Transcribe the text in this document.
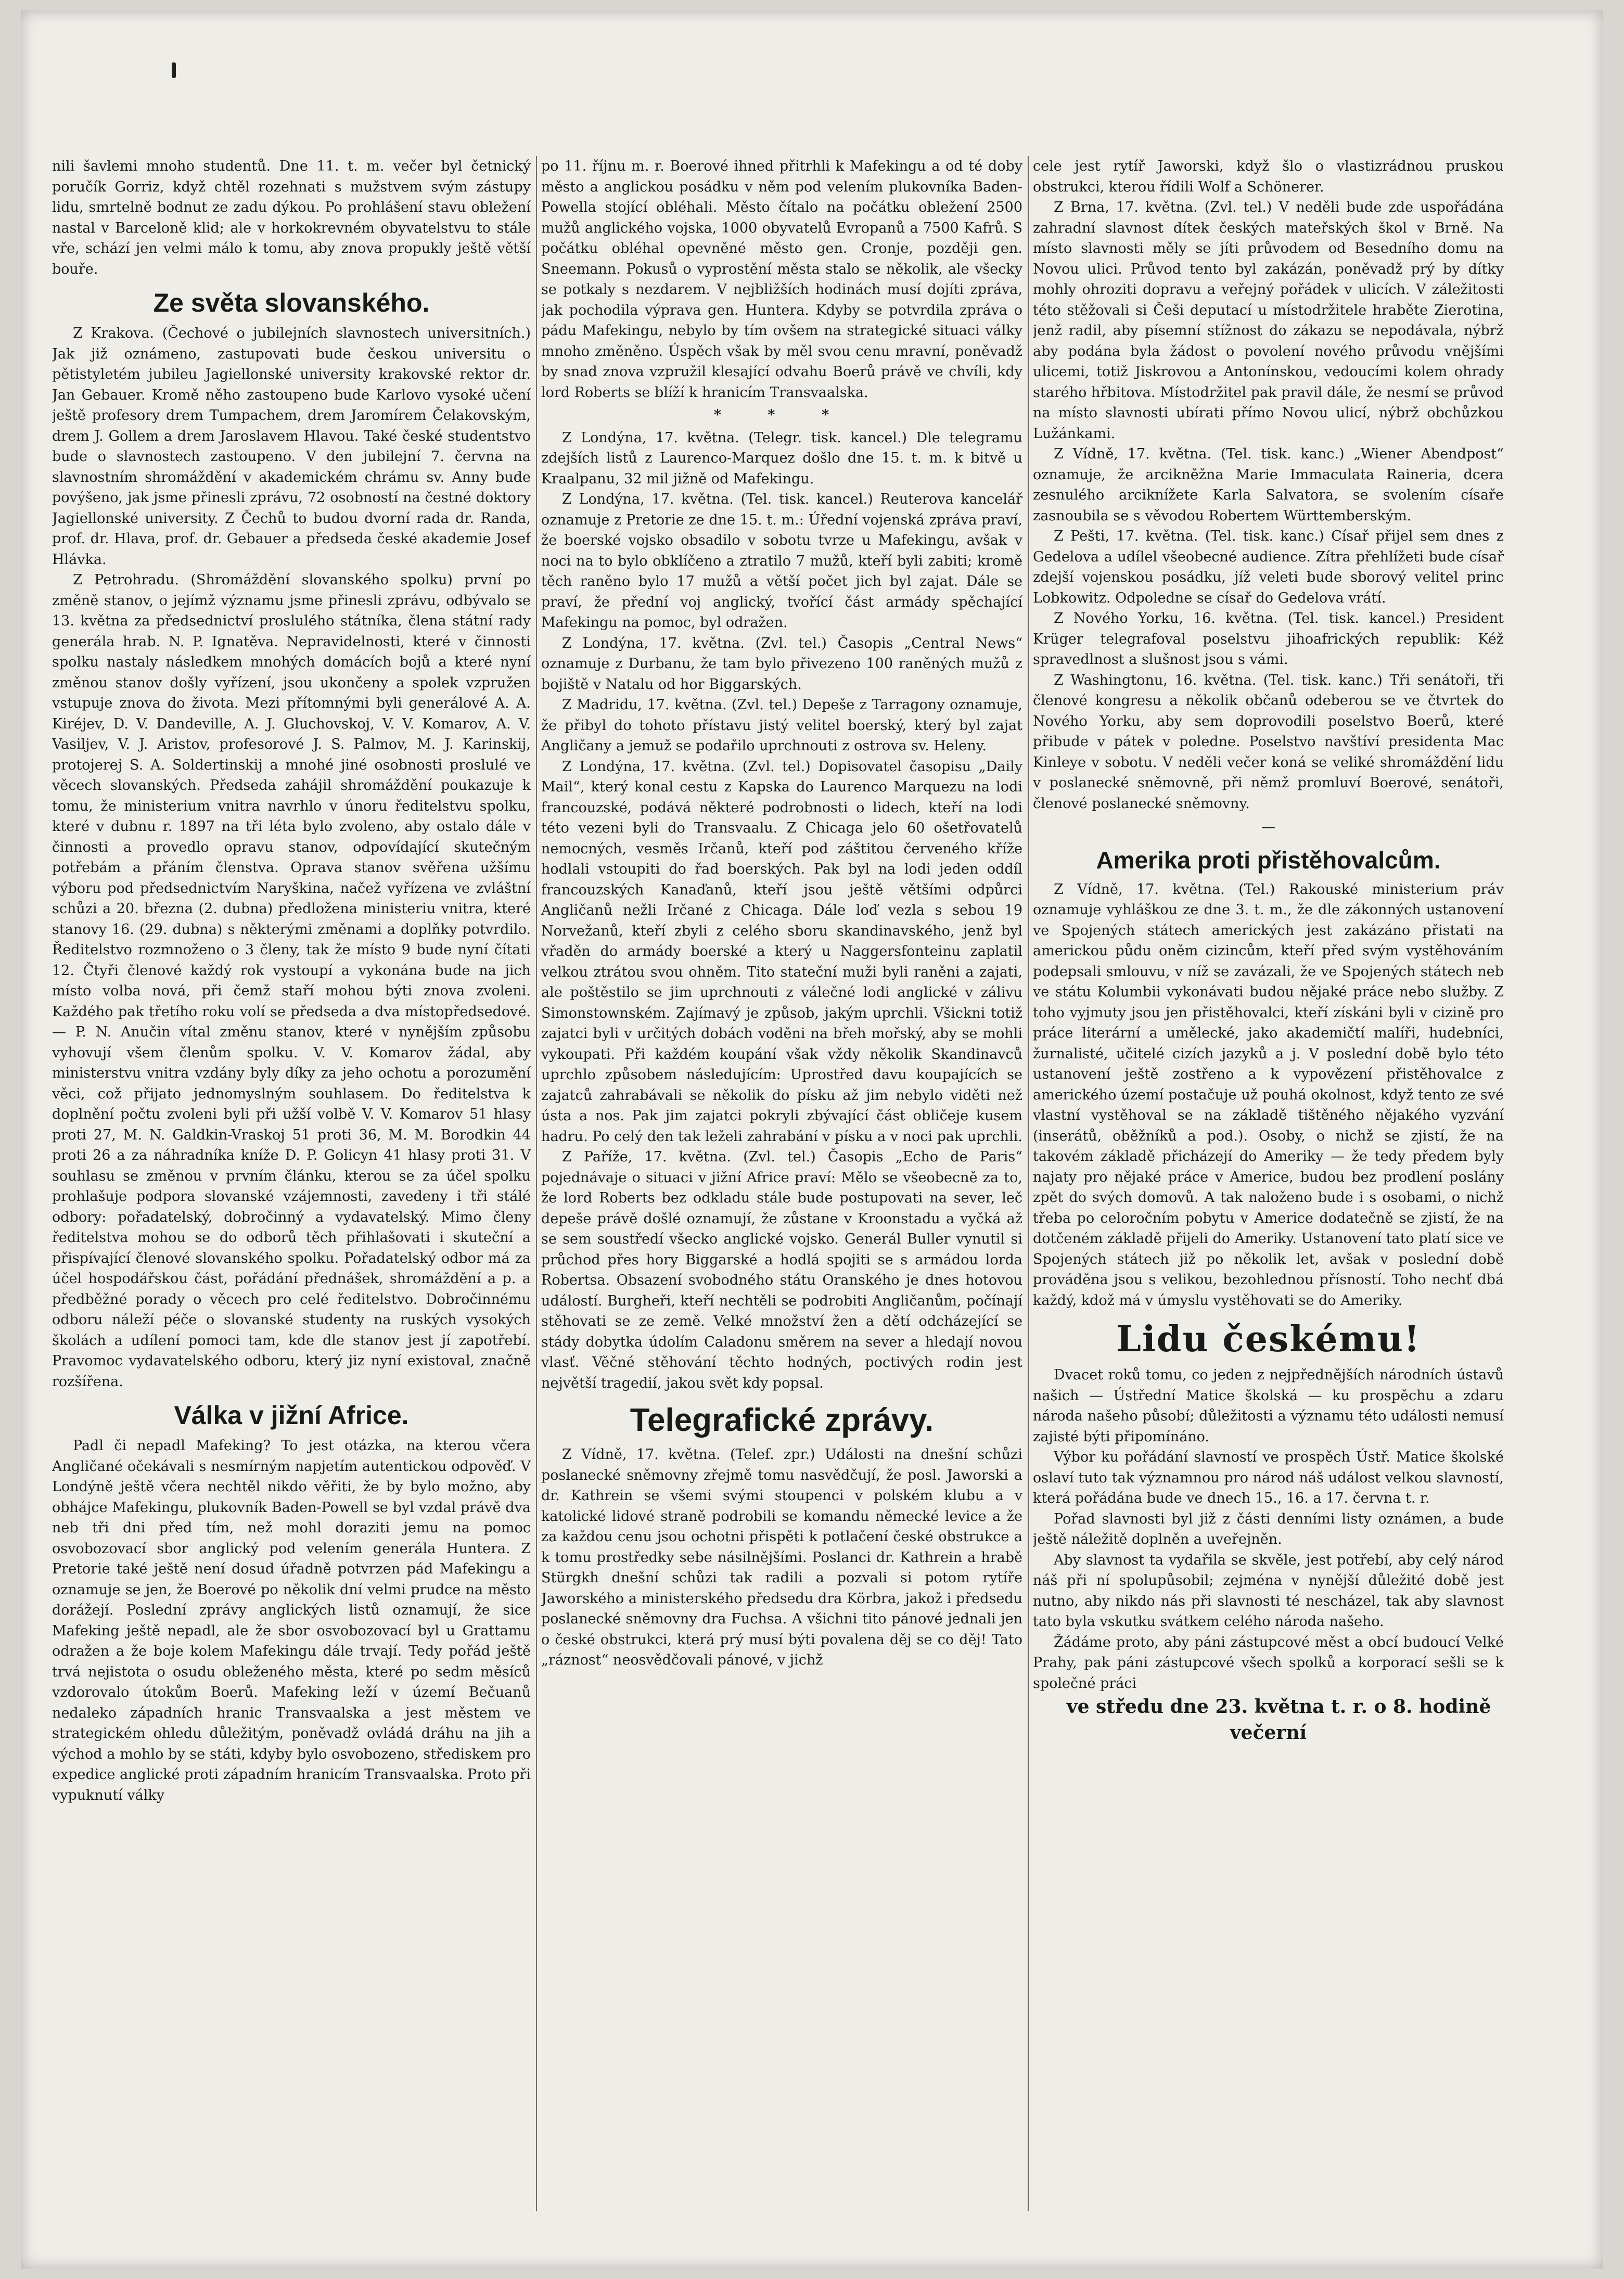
nili šavlemi mnoho studentů. Dne 11. t. m. večer byl četnický poručík Gorriz, když chtěl rozehnati s mužstvem svým zástupy lidu, smrtelně bodnut ze zadu dýkou. Po prohlášení stavu obležení nastal v Barceloně klid; ale v horkokrevném obyvatelstvu to stále vře, schází jen velmi málo k tomu, aby znova propukly ještě větší bouře.

Ze světa slovanského.

Z Krakova. (Čechové o jubilejních slavnostech universitních.) Jak již oznámeno, zastupovati bude českou universitu o pětistyletém jubileu Jagiellonské university krakovské rektor dr. Jan Gebauer. Kromě něho zastoupeno bude Karlovo vysoké učení ještě profesory drem Tumpachem, drem Jaromírem Čelakovským, drem J. Gollem a drem Jaroslavem Hlavou. Také české studentstvo bude o slavnostech zastoupeno. V den jubilejní 7. června na slavnostním shromáždění v akademickém chrámu sv. Anny bude povýšeno, jak jsme přinesli zprávu, 72 osobností na čestné doktory Jagiellonské university. Z Čechů to budou dvorní rada dr. Randa, prof. dr. Hlava, prof. dr. Gebauer a předseda české akademie Josef Hlávka.

Z Petrohradu. (Shromáždění slovanského spolku) první po změně stanov, o jejímž významu jsme přinesli zprávu, odbývalo se 13. května za předsednictví proslulého státníka, člena státní rady generála hrab. N. P. Ignatěva. Nepravidelnosti, které v činnosti spolku nastaly následkem mnohých domácích bojů a které nyní změnou stanov došly vyřízení, jsou ukončeny a spolek vzpružen vstupuje znova do života. Mezi přítomnými byli generálové A. A. Kiréjev, D. V. Dandeville, A. J. Gluchovskoj, V. V. Komarov, A. V. Vasiljev, V. J. Aristov, profesorové J. S. Palmov, M. J. Karinskij, protojerej S. A. Soldertinskij a mnohé jiné osobnosti proslulé ve věcech slovanských. Předseda zahájil shromáždění poukazuje k tomu, že ministerium vnitra navrhlo v únoru ředitelstvu spolku, které v dubnu r. 1897 na tři léta bylo zvoleno, aby ostalo dále v činnosti a provedlo opravu stanov, odpovídající skutečným potřebám a přáním členstva. Oprava stanov svěřena užšímu výboru pod předsednictvím Naryškina, načež vyřízena ve zvláštní schůzi a 20. března (2. dubna) předložena ministeriu vnitra, které stanovy 16. (29. dubna) s některými změnami a doplňky potvrdilo. Ředitelstvo rozmnoženo o 3 členy, tak že místo 9 bude nyní čítati 12. Čtyři členové každý rok vystoupí a vykonána bude na jich místo volba nová, při čemž staří mohou býti znova zvoleni. Každého pak třetího roku volí se předseda a dva místopředsedové. — P. N. Anučin vítal změnu stanov, které v nynějším způsobu vyhovují všem členům spolku. V. V. Komarov žádal, aby ministerstvu vnitra vzdány byly díky za jeho ochotu a porozumění věci, což přijato jednomyslným souhlasem. Do ředitelstva k doplnění počtu zvoleni byli při užší volbě V. V. Komarov 51 hlasy proti 27, M. N. Galdkin-Vraskoj 51 proti 36, M. M. Borodkin 44 proti 26 a za náhradníka kníže D. P. Golicyn 41 hlasy proti 31. V souhlasu se změnou v prvním článku, kterou se za účel spolku prohlašuje podpora slovanské vzájemnosti, zavedeny i tři stálé odbory: pořadatelský, dobročinný a vydavatelský. Mimo členy ředitelstva mohou se do odborů těch přihlašovati i skuteční a přispívající členové slovanského spolku. Pořadatelský odbor má za účel hospodářskou část, pořádání přednášek, shromáždění a p. a předběžné porady o věcech pro celé ředitelstvo. Dobročinnému odboru náleží péče o slovanské studenty na ruských vysokých školách a udílení pomoci tam, kde dle stanov jest jí zapotřebí. Pravomoc vydavatelského odboru, který jiz nyní existoval, značně rozšířena.

Válka v jižní Africe.

Padl či nepadl Mafeking? To jest otázka, na kterou včera Angličané očekávali s nesmírným napjetím autentickou odpověď. V Londýně ještě včera nechtěl nikdo věřiti, že by bylo možno, aby obhájce Mafekingu, plukovník Baden-Powell se byl vzdal právě dva neb tři dni před tím, než mohl doraziti jemu na pomoc osvobozovací sbor anglický pod velením generála Huntera. Z Pretorie také ještě není dosud úřadně potvrzen pád Mafekingu a oznamuje se jen, že Boerové po několik dní velmi prudce na město dorážejí. Poslední zprávy anglických listů oznamují, že sice Mafeking ještě nepadl, ale že sbor osvobozovací byl u Grattamu odražen a že boje kolem Mafekingu dále trvají. Tedy pořád ještě trvá nejistota o osudu obleženého města, které po sedm měsíců vzdorovalo útokům Boerů. Mafeking leží v území Bečuanů nedaleko západních hranic Transvaalska a jest městem ve strategickém ohledu důležitým, poněvadž ovládá dráhu na jih a východ a mohlo by se státi, kdyby bylo osvobozeno, střediskem pro expedice anglické proti západním hranicím Transvaalska. Proto při vypuknutí války

po 11. říjnu m. r. Boerové ihned přitrhli k Mafekingu a od té doby město a anglickou posádku v něm pod velením plukovníka Baden-Powella stojící obléhali. Město čítalo na počátku obležení 2500 mužů anglického vojska, 1000 obyvatelů Evropanů a 7500 Kafrů. S počátku obléhal opevněné město gen. Cronje, později gen. Sneemann. Pokusů o vyprostění města stalo se několik, ale všecky se potkaly s nezdarem. V nejbližších hodinách musí dojíti zpráva, jak pochodila výprava gen. Huntera. Kdyby se potvrdila zpráva o pádu Mafekingu, nebylo by tím ovšem na strategické situaci války mnoho změněno. Úspěch však by měl svou cenu mravní, poněvadž by snad znova vzpružil klesající odvahu Boerů právě ve chvíli, kdy lord Roberts se blíží k hranicím Transvaalska.

* * *

Z Londýna, 17. května. (Telegr. tisk. kancel.) Dle telegramu zdejších listů z Laurenco-Marquez došlo dne 15. t. m. k bitvě u Kraalpanu, 32 mil jižně od Mafekingu.

Z Londýna, 17. května. (Tel. tisk. kancel.) Reuterova kancelář oznamuje z Pretorie ze dne 15. t. m.: Úřední vojenská zpráva praví, že boerské vojsko obsadilo v sobotu tvrze u Mafekingu, avšak v noci na to bylo obklíčeno a ztratilo 7 mužů, kteří byli zabiti; kromě těch raněno bylo 17 mužů a větší počet jich byl zajat. Dále se praví, že přední voj anglický, tvořící část armády spěchající Mafekingu na pomoc, byl odražen.

Z Londýna, 17. května. (Zvl. tel.) Časopis „Central News“ oznamuje z Durbanu, že tam bylo přivezeno 100 raněných mužů z bojiště v Natalu od hor Biggarských.

Z Madridu, 17. května. (Zvl. tel.) Depeše z Tarragony oznamuje, že přibyl do tohoto přístavu jistý velitel boerský, který byl zajat Angličany a jemuž se podařilo uprchnouti z ostrova sv. Heleny.

Z Londýna, 17. května. (Zvl. tel.) Dopisovatel časopisu „Daily Mail“, který konal cestu z Kapska do Laurenco Marquezu na lodi francouzské, podává některé podrobnosti o lidech, kteří na lodi této vezeni byli do Transvaalu. Z Chicaga jelo 60 ošetřovatelů nemocných, vesměs Irčanů, kteří pod záštitou červeného kříže hodlali vstoupiti do řad boerských. Pak byl na lodi jeden oddíl francouzských Kanaďanů, kteří jsou ještě většími odpůrci Angličanů nežli Irčané z Chicaga. Dále loď vezla s sebou 19 Norvežanů, kteří zbyli z celého sboru skandinavského, jenž byl vřaděn do armády boerské a který u Naggersfonteinu zaplatil velkou ztrátou svou ohněm. Tito stateční muži byli raněni a zajati, ale poštěstilo se jim uprchnouti z válečné lodi anglické v zálivu Simonstownském. Zajímavý je způsob, jakým uprchli. Všickni totiž zajatci byli v určitých dobách voděni na břeh mořský, aby se mohli vykoupati. Při každém koupání však vždy několik Skandinavců uprchlo způsobem následujícím: Uprostřed davu koupajících se zajatců zahrabávali se několik do písku až jim nebylo viděti než ústa a nos. Pak jim zajatci pokryli zbývající část obličeje kusem hadru. Po celý den tak leželi zahrabání v písku a v noci pak uprchli.

Z Paříže, 17. května. (Zvl. tel.) Časopis „Echo de Paris“ pojednávaje o situaci v jižní Africe praví: Mělo se všeobecně za to, že lord Roberts bez odkladu stále bude postupovati na sever, leč depeše právě došlé oznamují, že zůstane v Kroonstadu a vyčká až se sem soustředí všecko anglické vojsko. Generál Buller vynutil si průchod přes hory Biggarské a hodlá spojiti se s armádou lorda Robertsa. Obsazení svobodného státu Oranského je dnes hotovou událostí. Burgheři, kteří nechtěli se podrobiti Angličanům, počínají stěhovati se ze země. Velké množství žen a dětí odcházející se stády dobytka údolím Caladonu směrem na sever a hledají novou vlasť. Věčné stěhování těchto hodných, poctivých rodin jest největší tragedií, jakou svět kdy popsal.

Telegrafické zprávy.

Z Vídně, 17. května. (Telef. zpr.) Události na dnešní schůzi poslanecké sněmovny zřejmě tomu nasvědčují, že posl. Jaworski a dr. Kathrein se všemi svými stoupenci v polském klubu a v katolické lidové straně podrobili se komandu německé levice a že za každou cenu jsou ochotni přispěti k potlačení české obstrukce a k tomu prostředky sebe násilnějšími. Poslanci dr. Kathrein a hrabě Stürgkh dnešní schůzi tak radili a pozvali si potom rytíře Jaworského a ministerského předsedu dra Körbra, jakož i předsedu poslanecké sněmovny dra Fuchsa. A všichni tito pánové jednali jen o české obstrukci, která prý musí býti povalena děj se co děj! Tato „ráznost“ neosvědčovali pánové, v jichž

cele jest rytíř Jaworski, když šlo o vlastizrádnou pruskou obstrukci, kterou řídili Wolf a Schönerer.

Z Brna, 17. května. (Zvl. tel.) V neděli bude zde uspořádána zahradní slavnost dítek českých mateřských škol v Brně. Na místo slavnosti měly se jíti průvodem od Besedního domu na Novou ulici. Průvod tento byl zakázán, poněvadž prý by dítky mohly ohroziti dopravu a veřejný pořádek v ulicích. V záležitosti této stěžovali si Češi deputací u místodržitele hraběte Zierotina, jenž radil, aby písemní stížnost do zákazu se nepodávala, nýbrž aby podána byla žádost o povolení nového průvodu vnějšími ulicemi, totiž Jiskrovou a Antonínskou, vedoucími kolem ohrady starého hřbitova. Místodržitel pak pravil dále, že nesmí se průvod na místo slavnosti ubírati přímo Novou ulicí, nýbrž obchůzkou Lužánkami.

Z Vídně, 17. května. (Tel. tisk. kanc.) „Wiener Abendpost“ oznamuje, že arcikněžna Marie Immaculata Raineria, dcera zesnulého arciknížete Karla Salvatora, se svolením císaře zasnoubila se s věvodou Robertem Württembersk‎ým.

Z Pešti, 17. května. (Tel. tisk. kanc.) Císař přijel sem dnes z Gedelova a udílel všeobecné audience. Zítra přehlížeti bude císař zdejší vojenskou posádku, jíž veleti bude sborový velitel princ Lobkowitz. Odpoledne se císař do Gedelova vrátí.

Z Nového Yorku, 16. května. (Tel. tisk. kancel.) President Krüger telegrafoval poselstvu jihoafrických republik: Kéž spravedlnost a slušnost jsou s vámi.

Z Washingtonu, 16. května. (Tel. tisk. kanc.) Tři senátoři, tři členové kongresu a několik občanů odeberou se ve čtvrtek do Nového Yorku, aby sem doprovodili poselstvo Boerů, které přibude v pátek v poledne. Poselstvo navštíví presidenta Mac Kinleye v sobotu. V neděli večer koná se veliké shromáždění lidu v poslanecké sněmovně, při němž promluví Boerové, senátoři, členové poslanecké sněmovny.

—
Amerika proti přistěhovalcům.

Z Vídně, 17. května. (Tel.) Rakouské ministerium práv oznamuje vyhláškou ze dne 3. t. m., že dle zákonných ustanovení ve Spojených státech amerických jest zakázáno přistati na americkou půdu oněm cizincům, kteří před svým vystěhováním podepsali smlouvu, v níž se zavázali, že ve Spojených státech neb ve státu Kolumbii vykonávati budou nějaké práce nebo služby. Z toho vyjmuty jsou jen přistěhovalci, kteří získáni byli v cizině pro práce literární a umělecké, jako akademičtí malíři, hudebníci, žurnalisté, učitelé cizích jazyků a j. V poslední době bylo této ustanovení ještě zostřeno a k vypovězení přistěhovalce z amerického území postačuje už pouhá okolnost, když tento ze své vlastní vystěhoval se na základě tištěného nějakého vyzvání (inserátů, oběžníků a pod.). Osoby, o nichž se zjistí, že na takovém základě přicházejí do Ameriky — že tedy předem byly najaty pro nějaké práce v Americe, budou bez prodlení poslány zpět do svých domovů. A tak naloženo bude i s osobami, o nichž třeba po celoročním pobytu v Americe dodatečně se zjistí, že na dotčeném základě přijeli do Ameriky. Ustanovení tato platí sice ve Spojených státech již po několik let, avšak v poslední době prováděna jsou s velikou, bezohlednou přísností. Toho nechť dbá každý, kdož má v úmyslu vystěhovati se do Ameriky.

Lidu českému!

Dvacet roků tomu, co jeden z nejpřednějších národních ústavů našich — Ústřední Matice školská — ku prospěchu a zdaru národa našeho působí; důležitosti a významu této události nemusí zajisté býti připomínáno.

Výbor ku pořádání slavností ve prospěch Ústř. Matice školské oslaví tuto tak významnou pro národ náš událost velkou slavností, která pořádána bude ve dnech 15., 16. a 17. června t. r.

Pořad slavnosti byl již z části denními listy oznámen, a bude ještě náležitě doplněn a uveřejněn.

Aby slavnost ta vydařila se skvěle, jest potřebí, aby celý národ náš při ní spolupůsobil; zejména v nynější důležité době jest nutno, aby nikdo nás při slavnosti té nescházel, tak aby slavnost tato byla vskutku svátkem celého národa našeho.

Žádáme proto, aby páni zástupcové měst a obcí budoucí Velké Prahy, pak páni zástupcové všech spolků a korporací sešli se k společné práci

ve středu dne 23. května t. r. o 8. hodině večerní
